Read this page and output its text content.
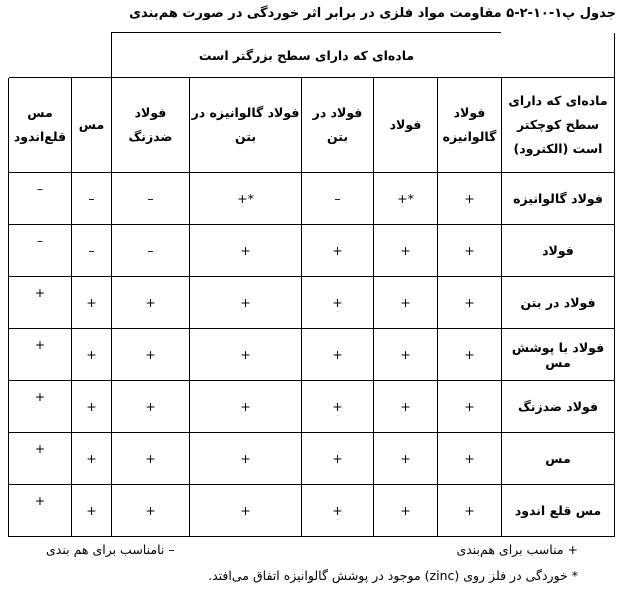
جدول پ۱-۱۰-۲-۵ مقاومت مواد فلزی در برابر اثر خوردگی در صورت هم‌بندی
	ماده‌ای که دارای سطح بزرگتر است						
ماده‌ای که دارای سطح کوچکتر است (الکترود)	فولاد گالوانیزه	فولاد	فولاد در بتن	فولاد گالوانیزه در بتن	فولاد ضدزنگ	مس	مس قلع‌اندود
فولاد گالوانیزه	+	*+	–	*+	–	–	–
فولاد	+	+	+	+	–	–	–
فولاد در بتن	+	+	+	+	+	+	+
فولاد با پوشش مس	+	+	+	+	+	+	+
فولاد ضدزنگ	+	+	+	+	+	+	+
مس	+	+	+	+	+	+	+
مس قلع اندود	+	+	+	+	+	+	+
– نامناسب برای هم بندی	+ مناسب برای هم‌بندی
* خوردگی در فلز روی (zinc) موجود در پوشش گالوانیزه اتفاق می‌افتد.
